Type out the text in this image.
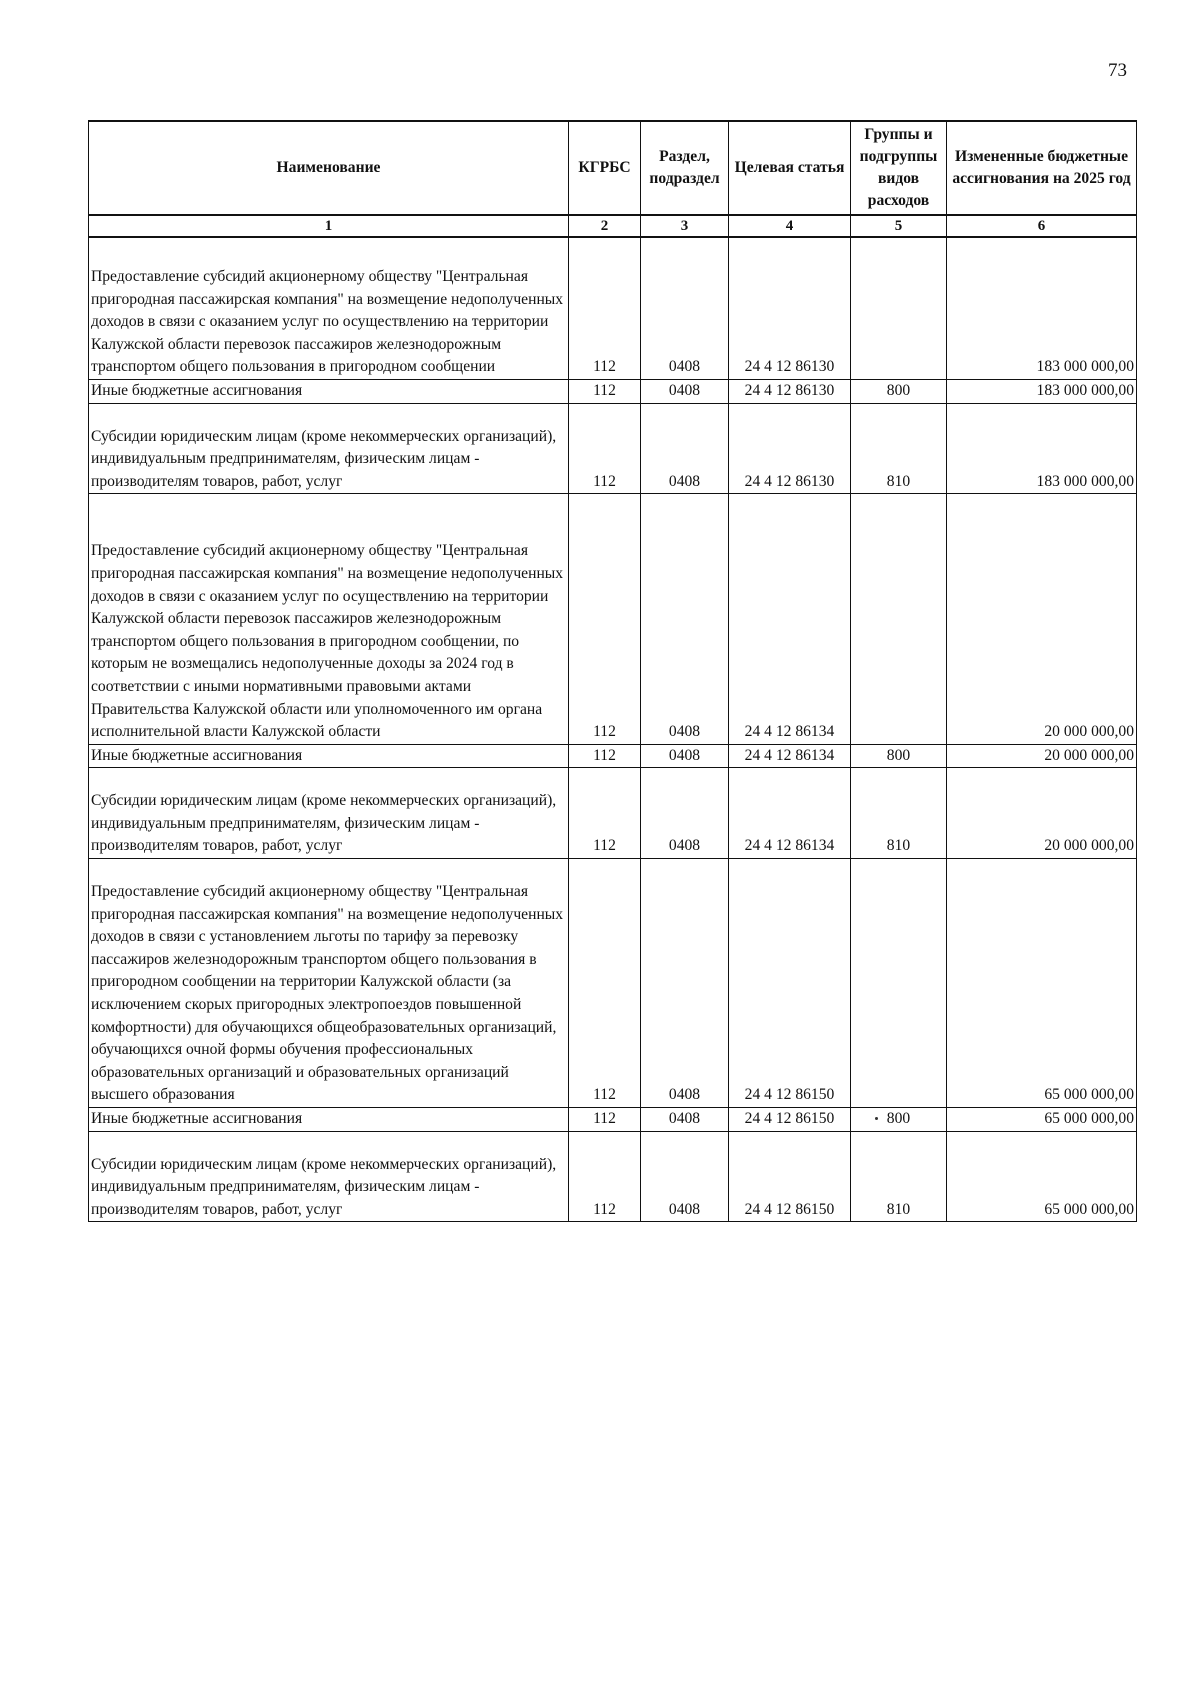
73
Наименование	КГРБС	Раздел, подраздел	Целевая статья	Группы и подгруппы видов расходов	Измененные бюджетные ассигнования на 2025 год
1	2	3	4	5	6
Предоставление субсидий акционерному обществу "Центральная пригородная пассажирская компания" на возмещение недополученных доходов в связи с оказанием услуг по осуществлению на территории Калужской области перевозок пассажиров железнодорожным транспортом общего пользования в пригородном сообщении	112	0408	24 4 12 86130		183 000 000,00
Иные бюджетные ассигнования	112	0408	24 4 12 86130	800	183 000 000,00
Субсидии юридическим лицам (кроме некоммерческих организаций), индивидуальным предпринимателям, физическим лицам - производителям товаров, работ, услуг	112	0408	24 4 12 86130	810	183 000 000,00
Предоставление субсидий акционерному обществу "Центральная пригородная пассажирская компания" на возмещение недополученных доходов в связи с оказанием услуг по осуществлению на территории Калужской области перевозок пассажиров железнодорожным транспортом общего пользования в пригородном сообщении, по которым не возмещались недополученные доходы за 2024 год в соответствии с иными нормативными правовыми актами Правительства Калужской области или уполномоченного им органа исполнительной власти Калужской области	112	0408	24 4 12 86134		20 000 000,00
Иные бюджетные ассигнования	112	0408	24 4 12 86134	800	20 000 000,00
Субсидии юридическим лицам (кроме некоммерческих организаций), индивидуальным предпринимателям, физическим лицам - производителям товаров, работ, услуг	112	0408	24 4 12 86134	810	20 000 000,00
Предоставление субсидий акционерному обществу "Центральная пригородная пассажирская компания" на возмещение недополученных доходов в связи с установлением льготы по тарифу за перевозку пассажиров железнодорожным транспортом общего пользования в пригородном сообщении на территории Калужской области (за исключением скорых пригородных электропоездов повышенной комфортности) для обучающихся общеобразовательных организаций, обучающихся очной формы обучения профессиональных образовательных организаций и образовательных организаций высшего образования	112	0408	24 4 12 86150		65 000 000,00
Иные бюджетные ассигнования	112	0408	24 4 12 86150	800	65 000 000,00
Субсидии юридическим лицам (кроме некоммерческих организаций), индивидуальным предпринимателям, физическим лицам - производителям товаров, работ, услуг	112	0408	24 4 12 86150	810	65 000 000,00
